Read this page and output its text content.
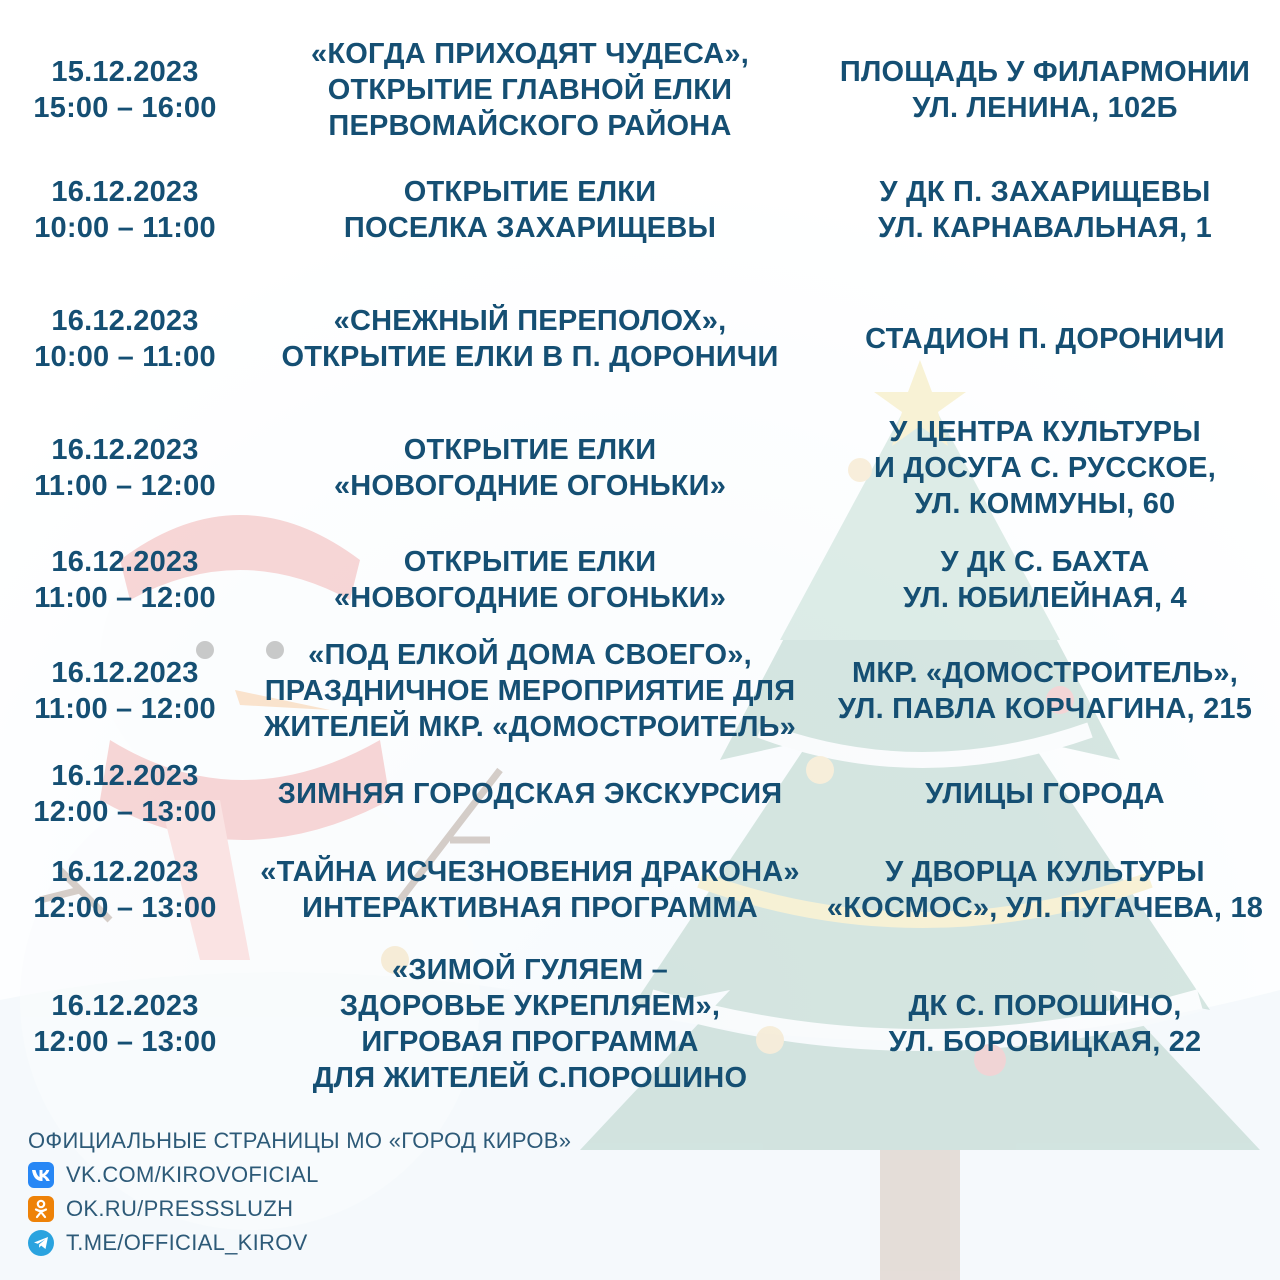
15.12.2023
15:00 – 16:00
«КОГДА ПРИХОДЯТ ЧУДЕСА»,
ОТКРЫТИЕ ГЛАВНОЙ ЕЛКИ
ПЕРВОМАЙСКОГО РАЙОНА
ПЛОЩАДЬ У ФИЛАРМОНИИ
УЛ. ЛЕНИНА, 102Б
16.12.2023
10:00 – 11:00
ОТКРЫТИЕ ЕЛКИ
ПОСЕЛКА ЗАХАРИЩЕВЫ
У ДК П. ЗАХАРИЩЕВЫ
УЛ. КАРНАВАЛЬНАЯ, 1
16.12.2023
10:00 – 11:00
«СНЕЖНЫЙ ПЕРЕПОЛОХ»,
ОТКРЫТИЕ ЕЛКИ В П. ДОРОНИЧИ
СТАДИОН П. ДОРОНИЧИ
16.12.2023
11:00 – 12:00
ОТКРЫТИЕ ЕЛКИ
«НОВОГОДНИЕ ОГОНЬКИ»
У ЦЕНТРА КУЛЬТУРЫ
И ДОСУГА С. РУССКОЕ,
УЛ. КОММУНЫ, 60
16.12.2023
11:00 – 12:00
ОТКРЫТИЕ ЕЛКИ
«НОВОГОДНИЕ ОГОНЬКИ»
У ДК С. БАХТА
УЛ. ЮБИЛЕЙНАЯ, 4
16.12.2023
11:00 – 12:00
«ПОД ЕЛКОЙ ДОМА СВОЕГО»,
ПРАЗДНИЧНОЕ МЕРОПРИЯТИЕ ДЛЯ
ЖИТЕЛЕЙ МКР. «ДОМОСТРОИТЕЛЬ»
МКР. «ДОМОСТРОИТЕЛЬ»,
УЛ. ПАВЛА КОРЧАГИНА, 215
16.12.2023
12:00 – 13:00
ЗИМНЯЯ ГОРОДСКАЯ ЭКСКУРСИЯ	УЛИЦЫ ГОРОДА
16.12.2023
12:00 – 13:00
«ТАЙНА ИСЧЕЗНОВЕНИЯ ДРАКОНА»
ИНТЕРАКТИВНАЯ ПРОГРАММА
У ДВОРЦА КУЛЬТУРЫ
«КОСМОС», УЛ. ПУГАЧЕВА, 18
16.12.2023
12:00 – 13:00
«ЗИМОЙ ГУЛЯЕМ –
ЗДОРОВЬЕ УКРЕПЛЯЕМ»,
ИГРОВАЯ ПРОГРАММА
ДЛЯ ЖИТЕЛЕЙ С.ПОРОШИНО
ДК С. ПОРОШИНО,
УЛ. БОРОВИЦКАЯ, 22
ОФИЦИАЛЬНЫЕ СТРАНИЦЫ МО «ГОРОД КИРОВ»
VK.COM/KIROVOFICIAL
OK.RU/PRESSSLUZH
T.ME/OFFICIAL_KIROV
